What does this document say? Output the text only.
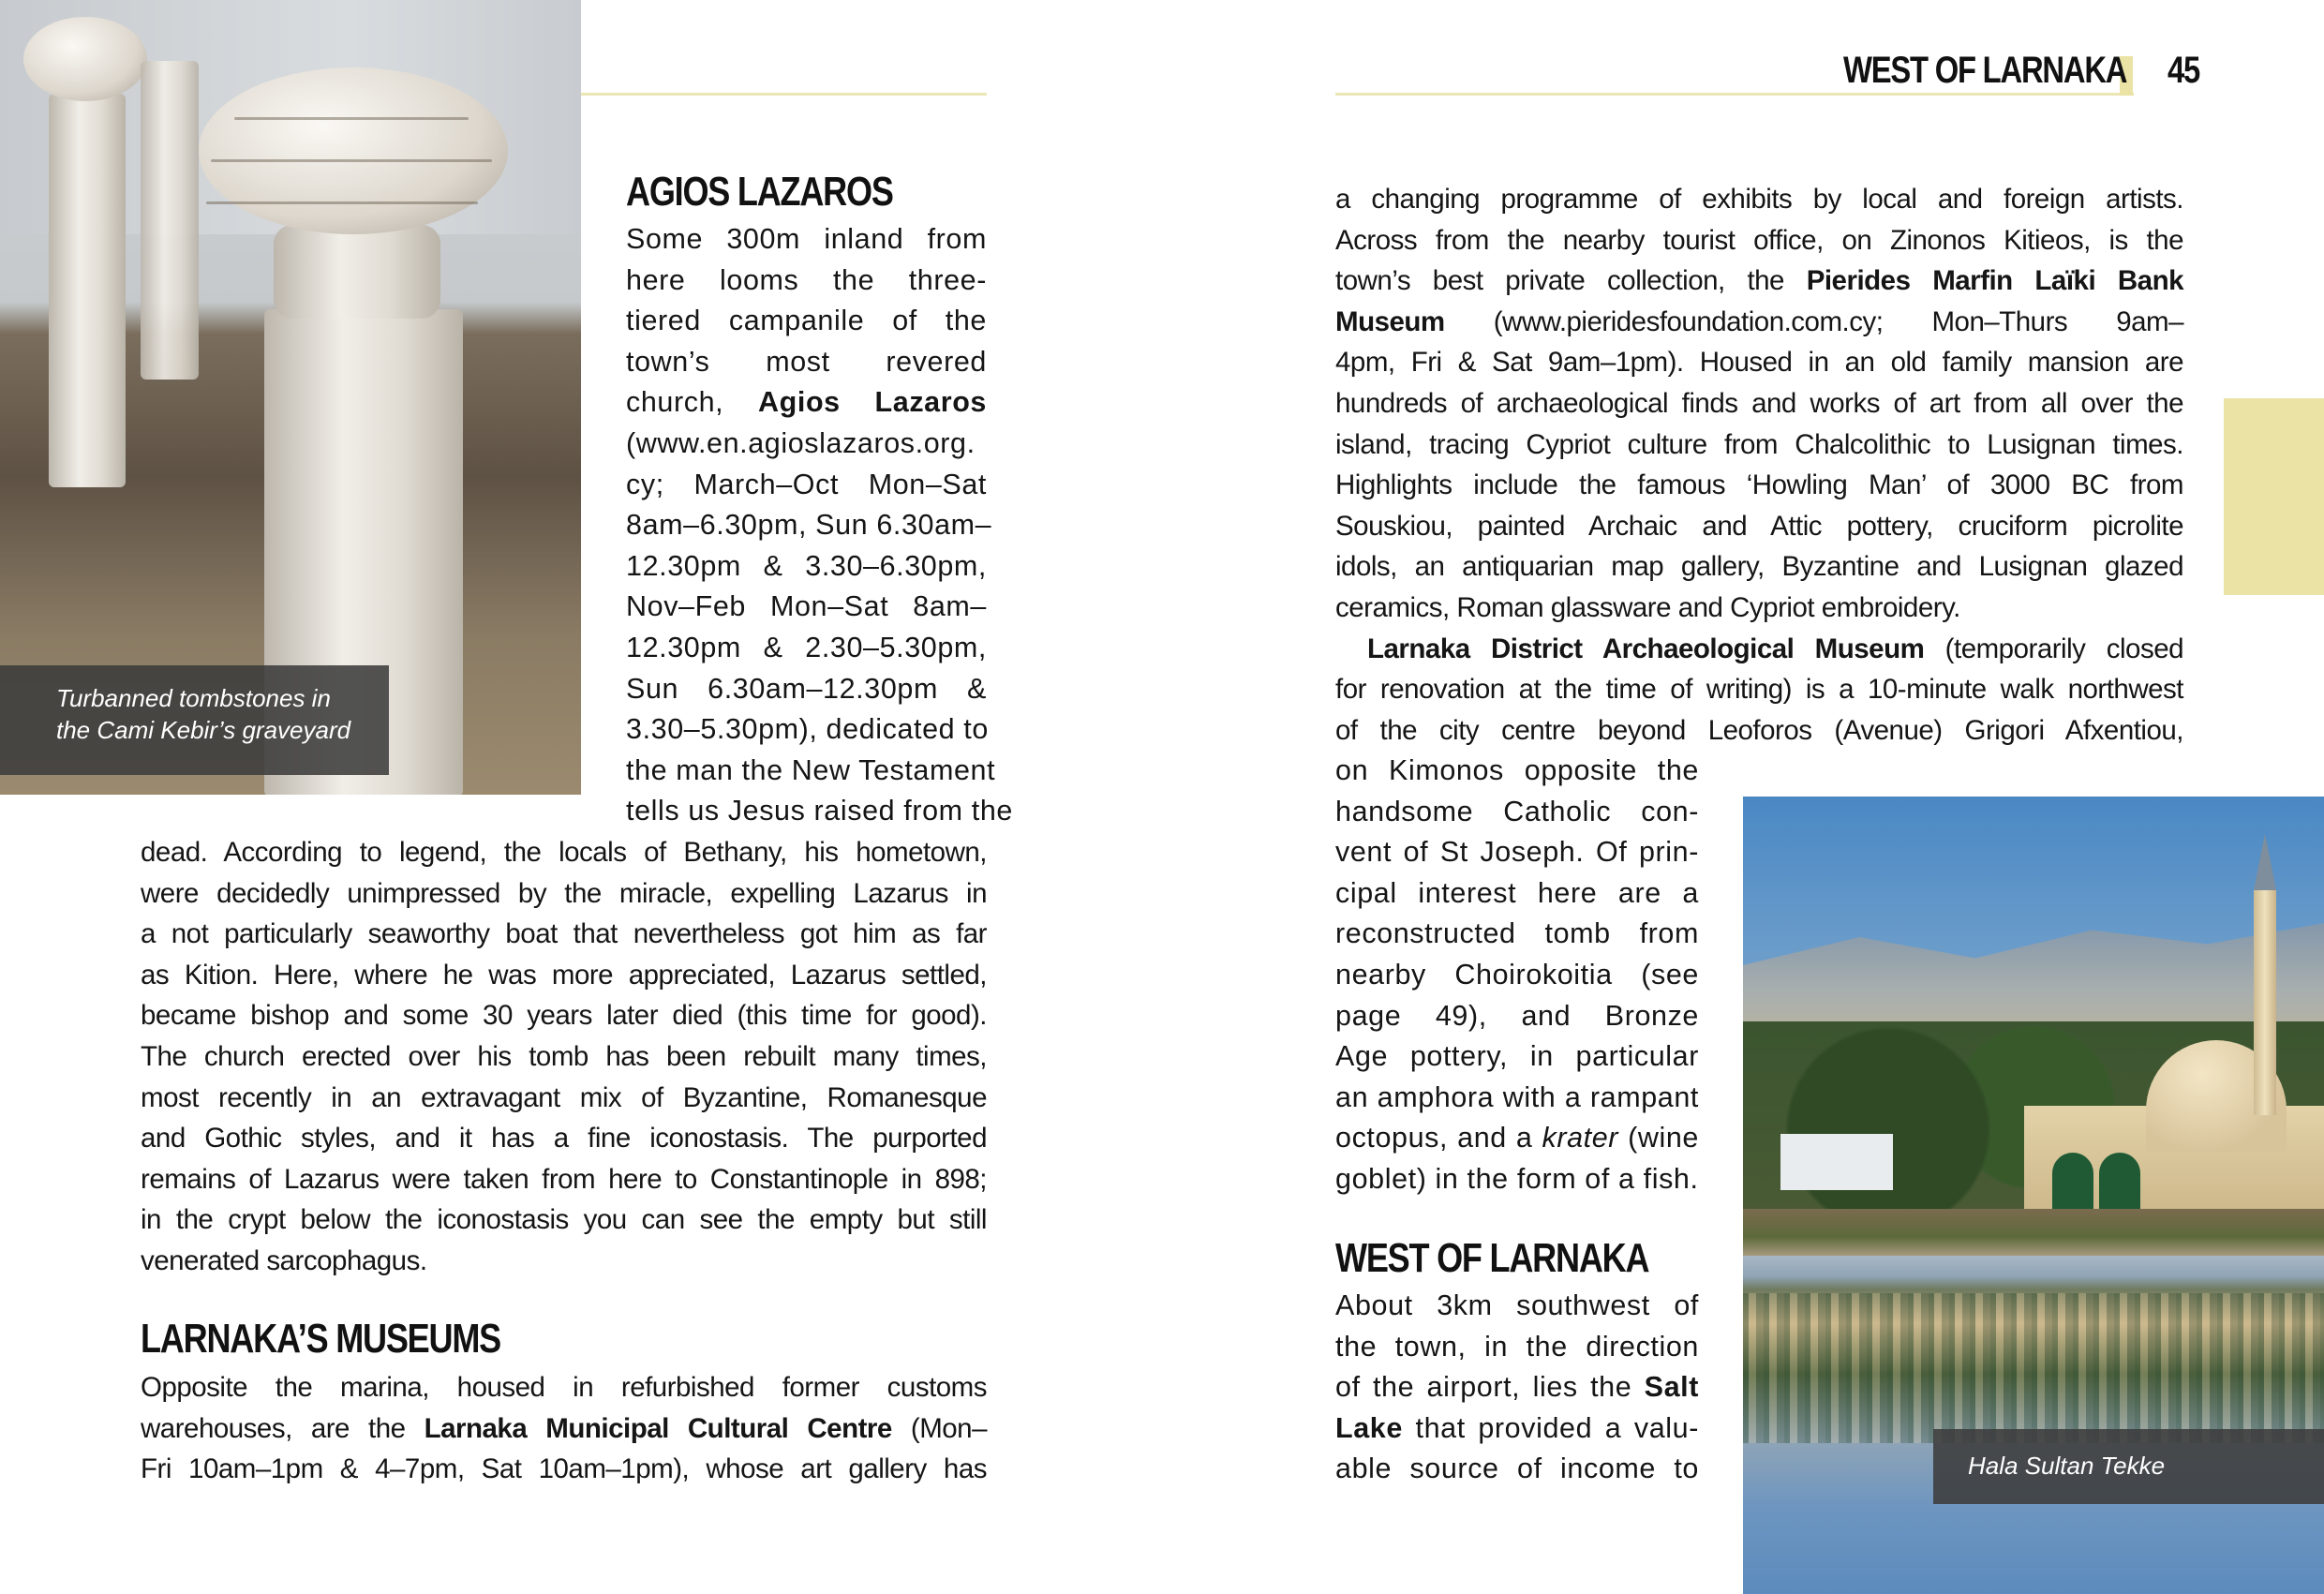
WEST OF LARNAKA 45
Turbanned tombstones in
the Cami Kebir’s graveyard
AGIOS LAZAROS
Some 300m inland from
here looms the three-
tiered campanile of the
town’s most revered
church, Agios Lazaros
(www.en.agioslazaros.org.
cy; March–Oct Mon–Sat
8am–6.30pm, Sun 6.30am–
12.30pm & 3.30–6.30pm,
Nov–Feb Mon–Sat 8am–
12.30pm & 2.30–5.30pm,
Sun 6.30am–12.30pm &
3.30–5.30pm), dedicated to
the man the New Testament
tells us Jesus raised from the
dead. According to legend, the locals of Bethany, his hometown,
were decidedly unimpressed by the miracle, expelling Lazarus in
a not particularly seaworthy boat that nevertheless got him as far
as Kition. Here, where he was more appreciated, Lazarus settled,
became bishop and some 30 years later died (this time for good).
The church erected over his tomb has been rebuilt many times,
most recently in an extravagant mix of Byzantine, Romanesque
and Gothic styles, and it has a fine iconostasis. The purported
remains of Lazarus were taken from here to Constantinople in 898;
in the crypt below the iconostasis you can see the empty but still
venerated sarcophagus.
LARNAKA’S MUSEUMS
Opposite the marina, housed in refurbished former customs
warehouses, are the Larnaka Municipal Cultural Centre (Mon–
Fri 10am–1pm & 4–7pm, Sat 10am–1pm), whose art gallery has
a changing programme of exhibits by local and foreign artists.
Across from the nearby tourist office, on Zinonos Kitieos, is the
town’s best private collection, the Pierides Marfin Laïki Bank
Museum (www.pieridesfoundation.com.cy; Mon–Thurs 9am–
4pm, Fri & Sat 9am–1pm). Housed in an old family mansion are
hundreds of archaeological finds and works of art from all over the
island, tracing Cypriot culture from Chalcolithic to Lusignan times.
Highlights include the famous ‘Howling Man’ of 3000 BC from
Souskiou, painted Archaic and Attic pottery, cruciform picrolite
idols, an antiquarian map gallery, Byzantine and Lusignan glazed
ceramics, Roman glassware and Cypriot embroidery.
Larnaka District Archaeological Museum (temporarily closed
for renovation at the time of writing) is a 10-minute walk northwest
of the city centre beyond Leoforos (Avenue) Grigori Afxentiou,
on Kimonos opposite the
handsome Catholic con-
vent of St Joseph. Of prin-
cipal interest here are a
reconstructed tomb from
nearby Choirokoitia (see
page 49), and Bronze
Age pottery, in particular
an amphora with a rampant
octopus, and a krater (wine
goblet) in the form of a fish.
WEST OF LARNAKA
About 3km southwest of
the town, in the direction
of the airport, lies the Salt
Lake that provided a valu-
able source of income to	Hala Sultan Tekke
